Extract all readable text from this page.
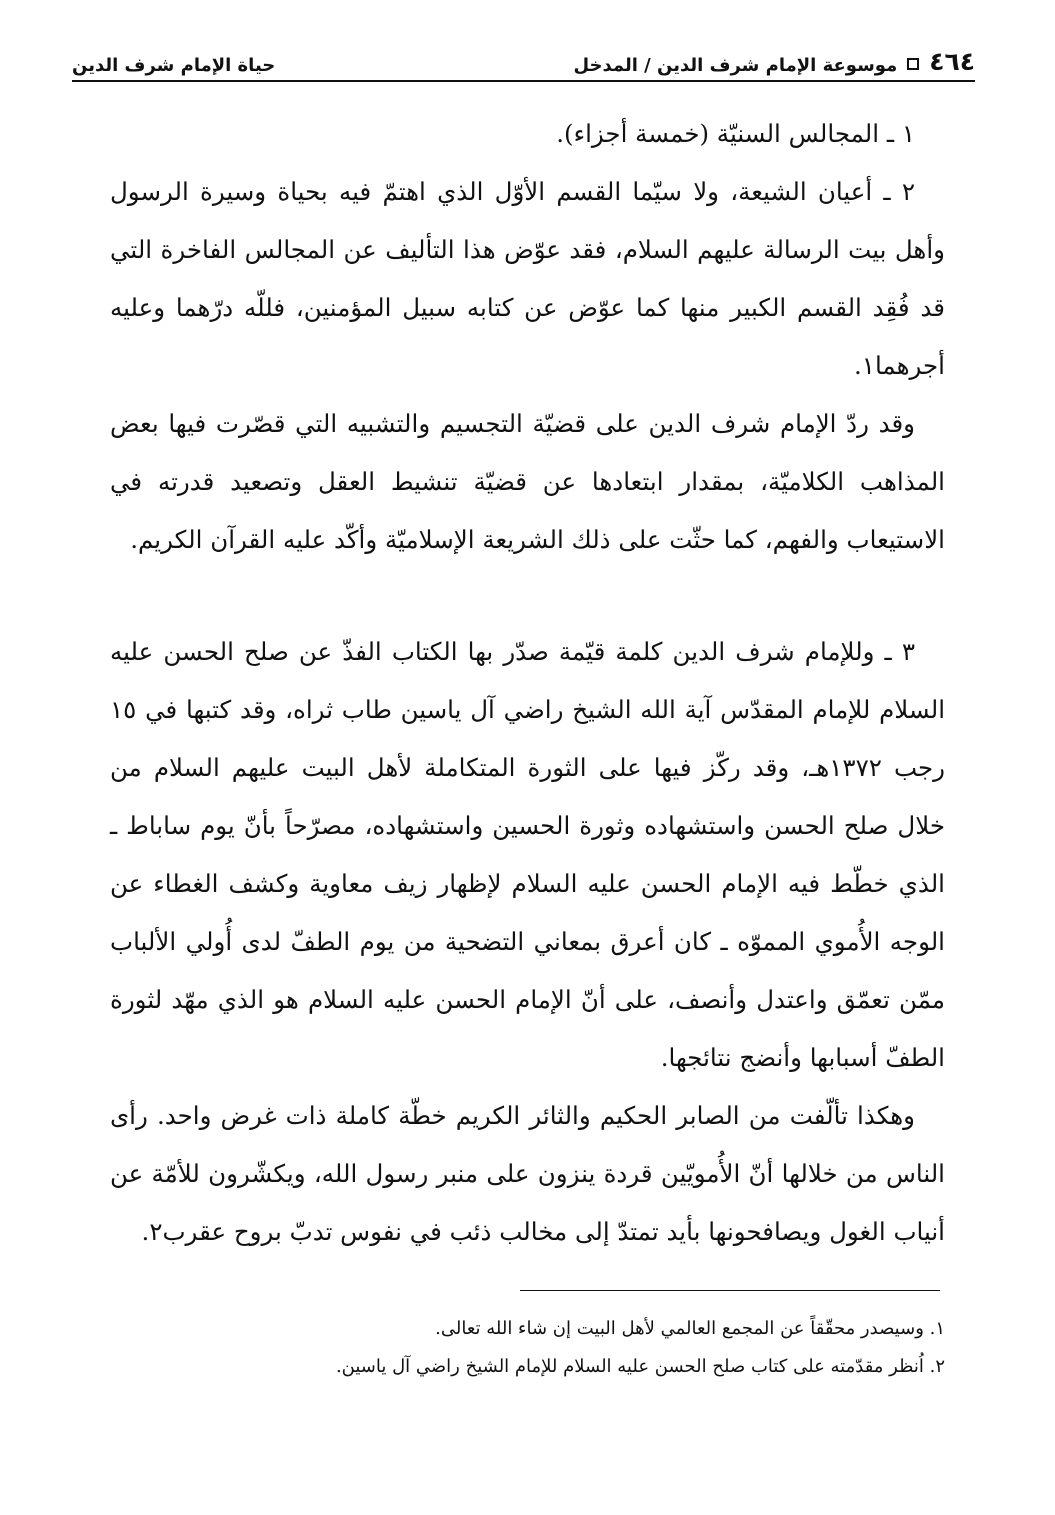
٤٦٤
موسوعة الإمام شرف الدين / المدخل
حياة الإمام شرف الدين

١ ـ المجالس السنيّة (خمسة أجزاء).

٢ ـ أعيان الشيعة، ولا سيّما القسم الأوّل الذي اهتمّ فيه بحياة وسيرة الرسول وأهل بيت الرسالة عليهم السلام، فقد عوّض هذا التأليف عن المجالس الفاخرة التي قد فُقِد القسم الكبير منها كما عوّض عن كتابه سبيل المؤمنين، فللّه درّهما وعليه أجرهما١.

وقد ردّ الإمام شرف الدين على قضيّة التجسيم والتشبيه التي قصّرت فيها بعض المذاهب الكلاميّة، بمقدار ابتعادها عن قضيّة تنشيط العقل وتصعيد قدرته في الاستيعاب والفهم، كما حثّت على ذلك الشريعة الإسلاميّة وأكّد عليه القرآن الكريم.

٣ ـ وللإمام شرف الدين كلمة قيّمة صدّر بها الكتاب الفذّ عن صلح الحسن عليه السلام للإمام المقدّس آية الله الشيخ راضي آل ياسين طاب ثراه، وقد كتبها في ١٥ رجب ١٣٧٢هـ، وقد ركّز فيها على الثورة المتكاملة لأهل البيت عليهم السلام من خلال صلح الحسن واستشهاده وثورة الحسين واستشهاده، مصرّحاً بأنّ يوم ساباط ـ الذي خطّط فيه الإمام الحسن عليه السلام لإظهار زيف معاوية وكشف الغطاء عن الوجه الأُموي المموّه ـ كان أعرق بمعاني التضحية من يوم الطفّ لدى أُولي الألباب ممّن تعمّق واعتدل وأنصف، على أنّ الإمام الحسن عليه السلام هو الذي مهّد لثورة الطفّ أسبابها وأنضج نتائجها.

وهكذا تألّفت من الصابر الحكيم والثائر الكريم خطّة كاملة ذات غرض واحد. رأى الناس من خلالها أنّ الأُمويّين قردة ينزون على منبر رسول الله، ويكشّرون للأمّة عن أنياب الغول ويصافحونها بأيد تمتدّ إلى مخالب ذئب في نفوس تدبّ بروح عقرب٢.

١. وسيصدر محقّقاً عن المجمع العالمي لأهل البيت إن شاء الله تعالى.

٢. اُنظر مقدّمته على كتاب صلح الحسن عليه السلام للإمام الشيخ راضي آل ياسين.
